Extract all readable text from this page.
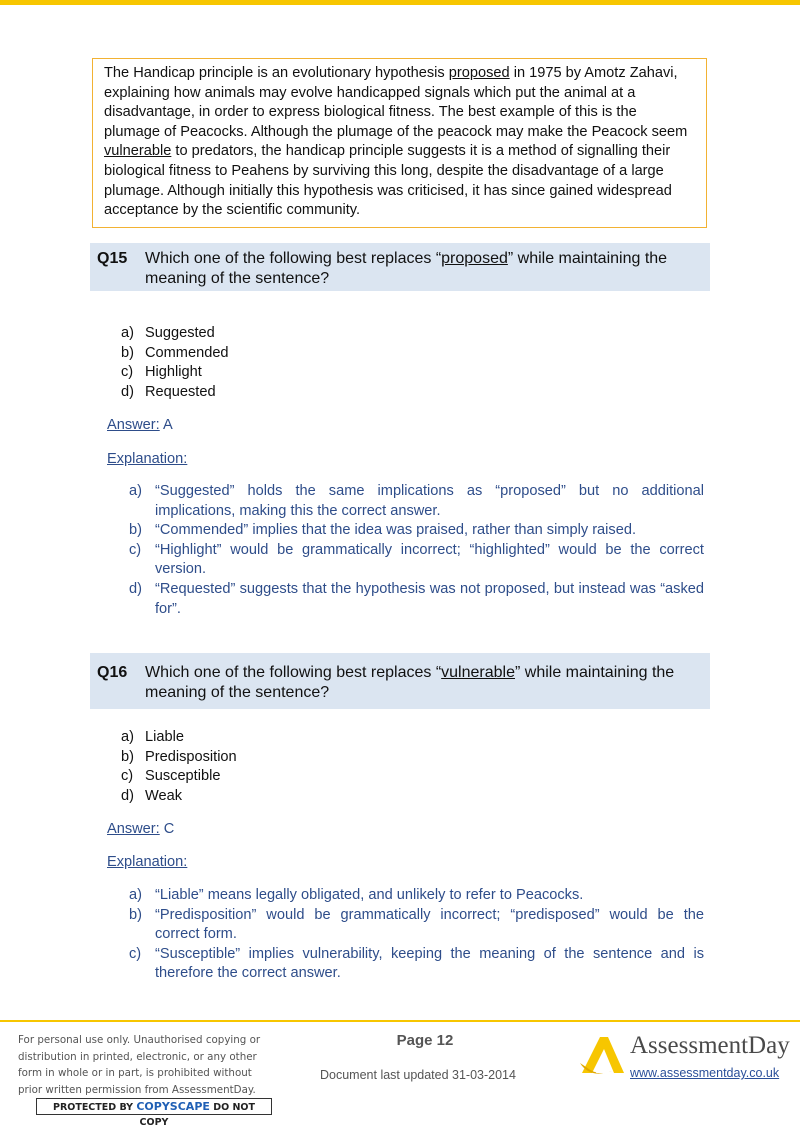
The Handicap principle is an evolutionary hypothesis proposed in 1975 by Amotz Zahavi,
explaining how animals may evolve handicapped signals which put the animal at a
disadvantage, in order to express biological fitness. The best example of this is the
plumage of Peacocks. Although the plumage of the peacock may make the Peacock seem
vulnerable to predators, the handicap principle suggests it is a method of signalling their
biological fitness to Peahens by surviving this long, despite the disadvantage of a large
plumage. Although initially this hypothesis was criticised, it has since gained widespread
acceptance by the scientific community.
Q15 Which one of the following best replaces “proposed” while maintaining the
meaning of the sentence?
a) Suggested
b) Commended
c) Highlight
d) Requested
Answer: A
Explanation:
a) “Suggested” holds the same implications as “proposed” but no additional implications, making this the correct answer.
b) “Commended” implies that the idea was praised, rather than simply raised.
c) “Highlight” would be grammatically incorrect; “highlighted” would be the correct version.
d) “Requested” suggests that the hypothesis was not proposed, but instead was “asked for”.
Q16 Which one of the following best replaces “vulnerable” while maintaining the
meaning of the sentence?
a) Liable
b) Predisposition
c) Susceptible
d) Weak
Answer: C
Explanation:
a) “Liable” means legally obligated, and unlikely to refer to Peacocks.
b) “Predisposition” would be grammatically incorrect; “predisposed” would be the correct form.
c) “Susceptible” implies vulnerability, keeping the meaning of the sentence and is therefore the correct answer.
For personal use only. Unauthorised copying or
distribution in printed, electronic, or any other
form in whole or in part, is prohibited without
prior written permission from AssessmentDay.
PROTECTED BY COPYSCAPE DO NOT COPY
Page 12
Document last updated 31-03-2014
AssessmentDay
www.assessmentday.co.uk
